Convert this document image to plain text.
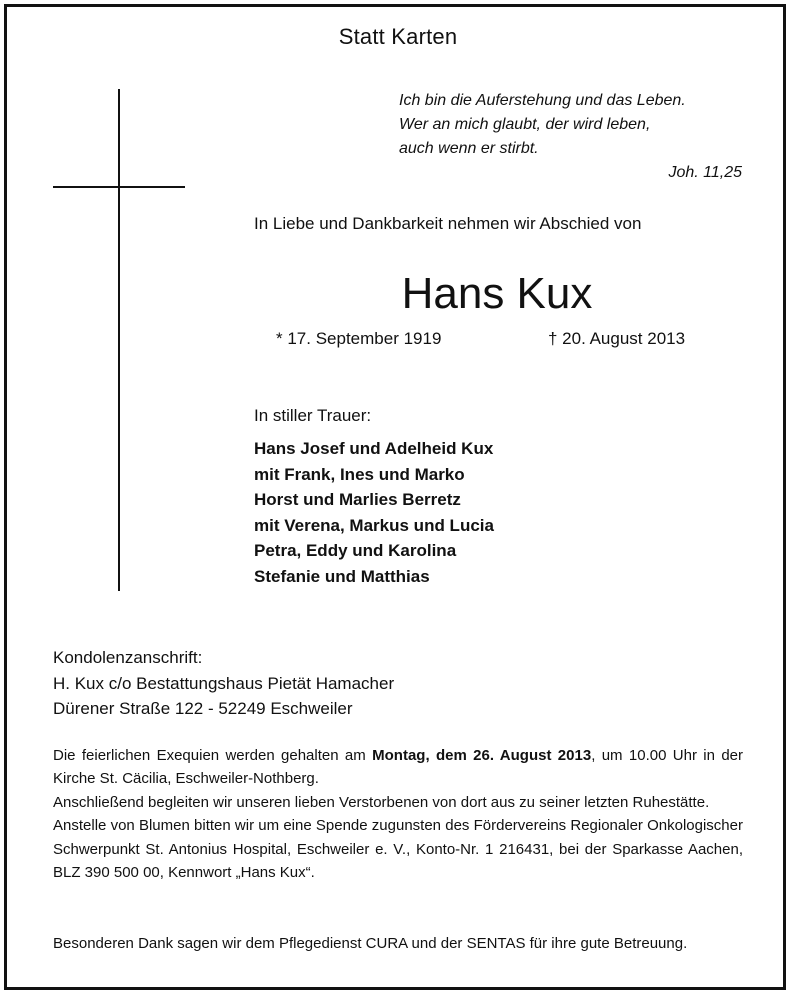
Statt Karten
Ich bin die Auferstehung und das Leben.
Wer an mich glaubt, der wird leben,
auch wenn er stirbt.
Joh. 11,25
In Liebe und Dankbarkeit nehmen wir Abschied von
Hans Kux
* 17. September 1919	† 20. August 2013
In stiller Trauer:
Hans Josef und Adelheid Kux
mit Frank, Ines und Marko
Horst und Marlies Berretz
mit Verena, Markus und Lucia
Petra, Eddy und Karolina
Stefanie und Matthias
Kondolenzanschrift:
H. Kux c/o Bestattungshaus Pietät Hamacher
Dürener Straße 122 - 52249 Eschweiler

Die feierlichen Exequien werden gehalten am Montag, dem 26. August 2013, um 10.00 Uhr in der Kirche St. Cäcilia, Eschweiler-Nothberg.

Anschließend begleiten wir unseren lieben Verstorbenen von dort aus zu seiner letzten Ruhestätte.

Anstelle von Blumen bitten wir um eine Spende zugunsten des Fördervereins Regionaler Onkologischer Schwerpunkt St. Antonius Hospital, Eschweiler e. V., Konto-Nr. 1 216431, bei der Sparkasse Aachen, BLZ 390 500 00, Kennwort „Hans Kux“.

Besonderen Dank sagen wir dem Pflegedienst CURA und der SENTAS für ihre gute Betreuung.
